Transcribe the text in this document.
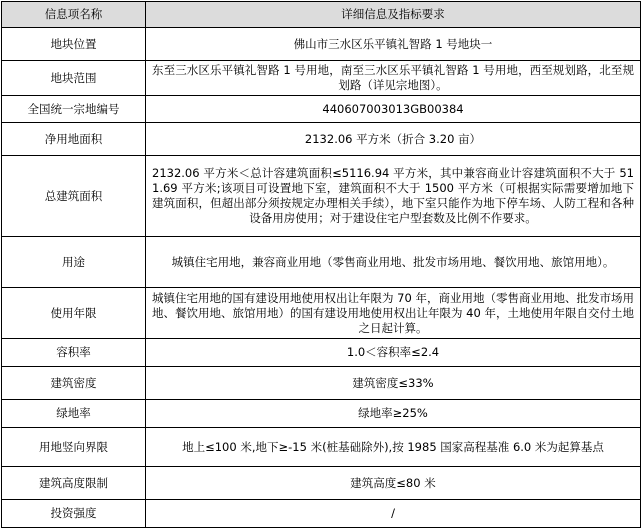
信息项名称	详细信息及指标要求
地块位置	佛山市三水区乐平镇礼智路 1 号地块一
地块范围	东至三水区乐平镇礼智路 1 号用地，南至三水区乐平镇礼智路 1 号用地，西至规划路，北至规划路（详见宗地图）。
全国统一宗地编号	440607003013GB00384
净用地面积	2132.06 平方米（折合 3.20 亩）
总建筑面积	2132.06 平方米＜总计容建筑面积≤5116.94 平方米，其中兼容商业计容建筑面积不大于 511.69 平方米;该项目可设置地下室，建筑面积不大于 1500 平方米（可根据实际需要增加地下建筑面积，但超出部分须按规定办理相关手续），地下室只能作为地下停车场、人防工程和各种设备用房使用；对于建设住宅户型套数及比例不作要求。
用途	城镇住宅用地，兼容商业用地（零售商业用地、批发市场用地、餐饮用地、旅馆用地）。
使用年限	城镇住宅用地的国有建设用地使用权出让年限为 70 年，商业用地（零售商业用地、批发市场用地、餐饮用地、旅馆用地）的国有建设用地使用权出让年限为 40 年，土地使用年限自交付土地之日起计算。
容积率	1.0＜容积率≤2.4
建筑密度	建筑密度≤33%
绿地率	绿地率≥25%
用地竖向界限	地上≤100 米,地下≥-15 米(桩基础除外),按 1985 国家高程基准 6.0 米为起算基点
建筑高度限制	建筑高度≤80 米
投资强度	/
